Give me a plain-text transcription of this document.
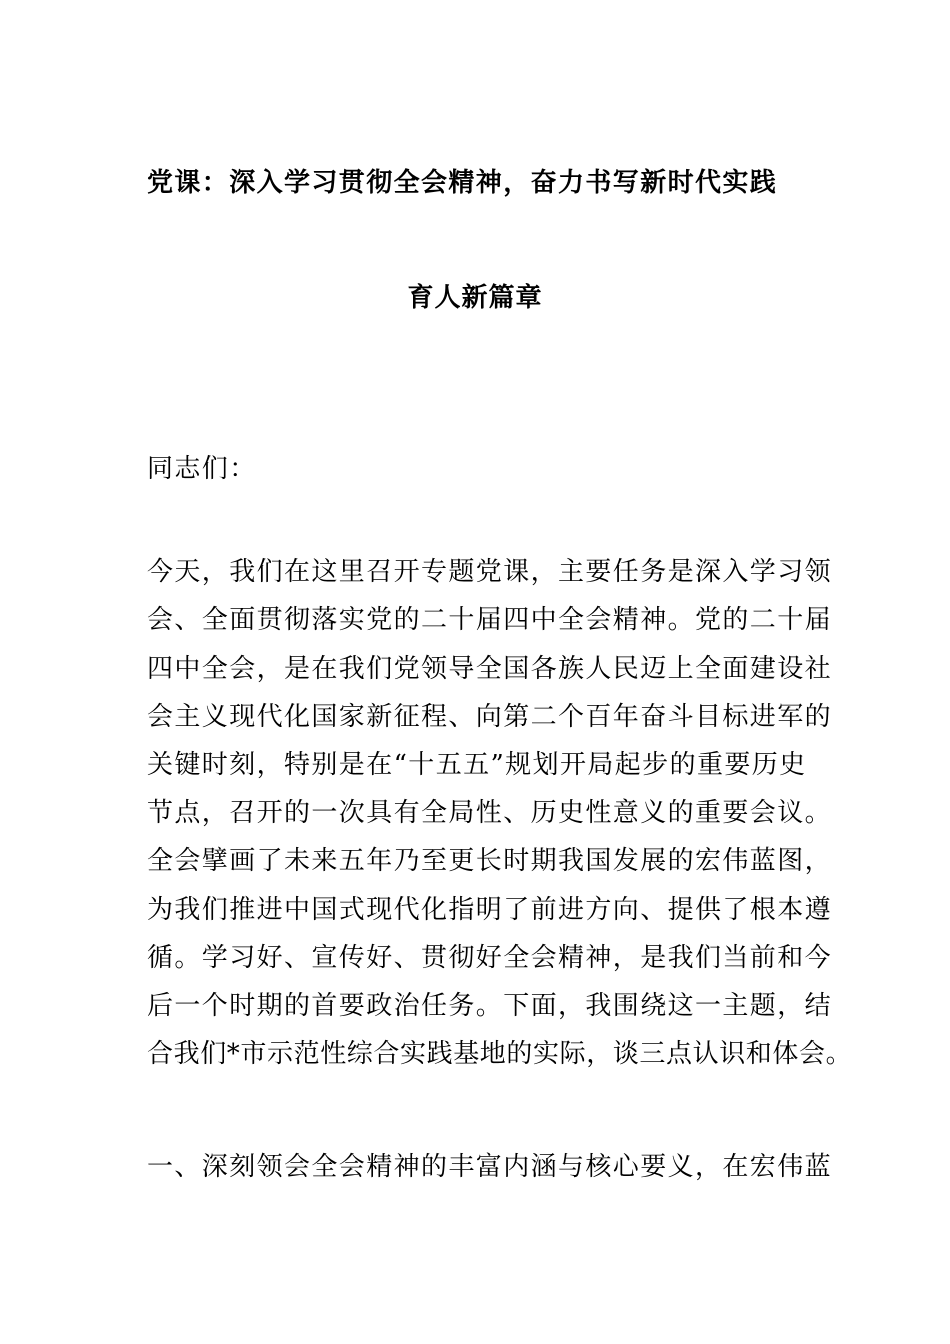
党课：深入学习贯彻全会精神，奋力书写新时代实践
育人新篇章
同志们：
今天，我们在这里召开专题党课，主要任务是深入学习领
会、全面贯彻落实党的二十届四中全会精神。党的二十届
四中全会，是在我们党领导全国各族人民迈上全面建设社
会主义现代化国家新征程、向第二个百年奋斗目标进军的
关键时刻，特别是在“十五五”规划开局起步的重要历史
节点，召开的一次具有全局性、历史性意义的重要会议。
全会擘画了未来五年乃至更长时期我国发展的宏伟蓝图，
为我们推进中国式现代化指明了前进方向、提供了根本遵
循。学习好、宣传好、贯彻好全会精神，是我们当前和今
后一个时期的首要政治任务。下面，我围绕这一主题，结
合我们*市示范性综合实践基地的实际，谈三点认识和体会。
一、深刻领会全会精神的丰富内涵与核心要义，在宏伟蓝
